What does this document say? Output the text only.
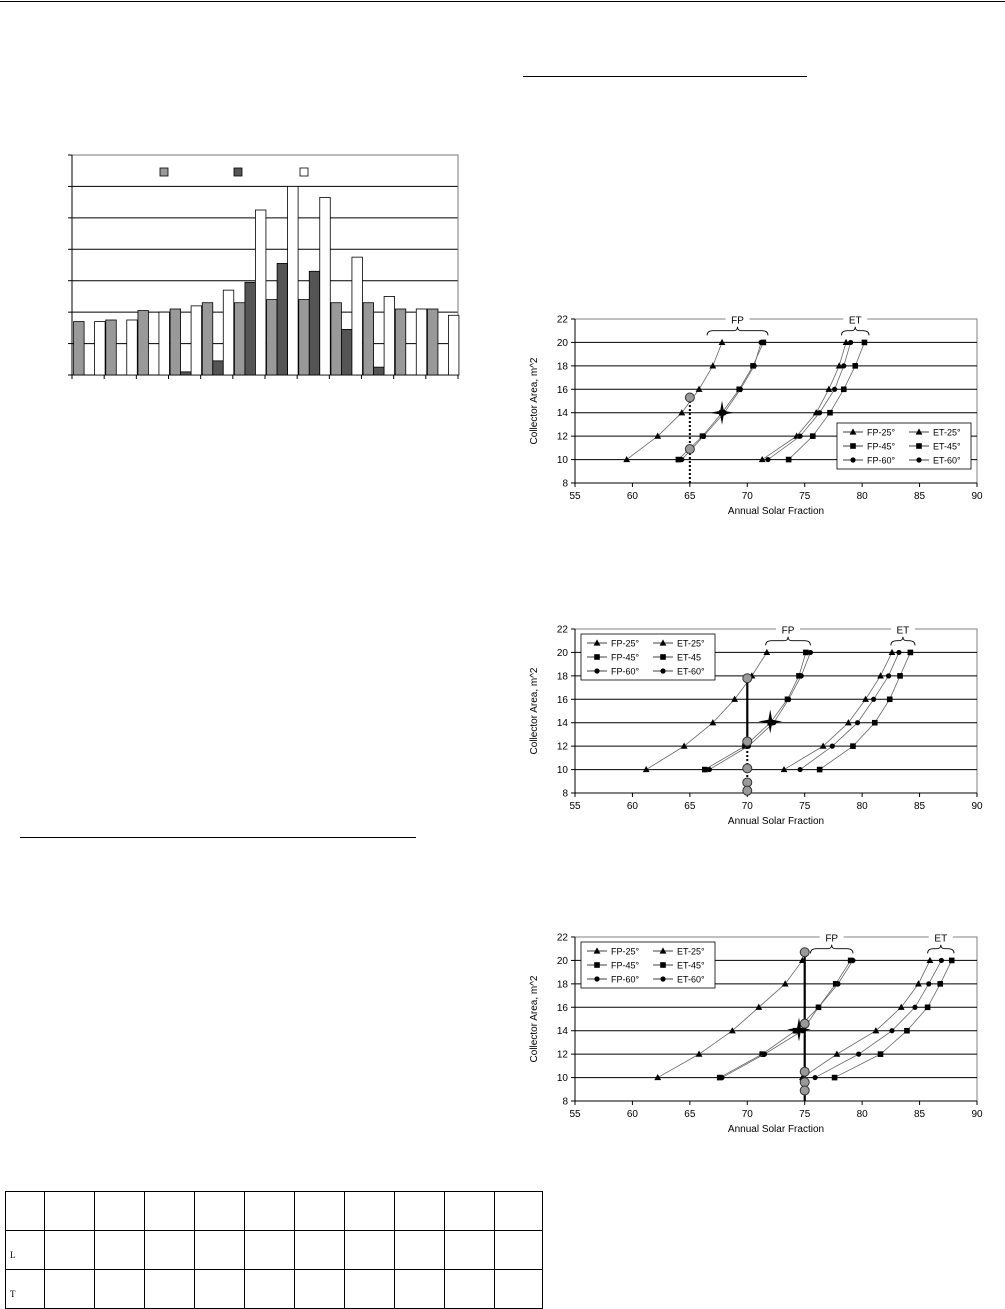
8
10
12
14
16
18
20
22
55	60	65	70	75	80	85	90
Annual Solar Fraction
Collector Area, m^2
FP	ET
FP-25°	ET-25°
FP-45°	ET-45°
FP-60°	ET-60°
8
10
12
14
16
18
20
22
55	60	65	70	75	80	85	90
Annual Solar Fraction
Collector Area, m^2
FP	ET
FP-25°	ET-25°
FP-45°	ET-45
FP-60°	ET-60°
8
10
12
14
16
18
20
22
55	60	65	70	75	80	85	90
Annual Solar Fraction
Collector Area, m^2
FP	ET
FP-25°	ET-25°
FP-45°	ET-45°
FP-60°	ET-60°

L										
T										
